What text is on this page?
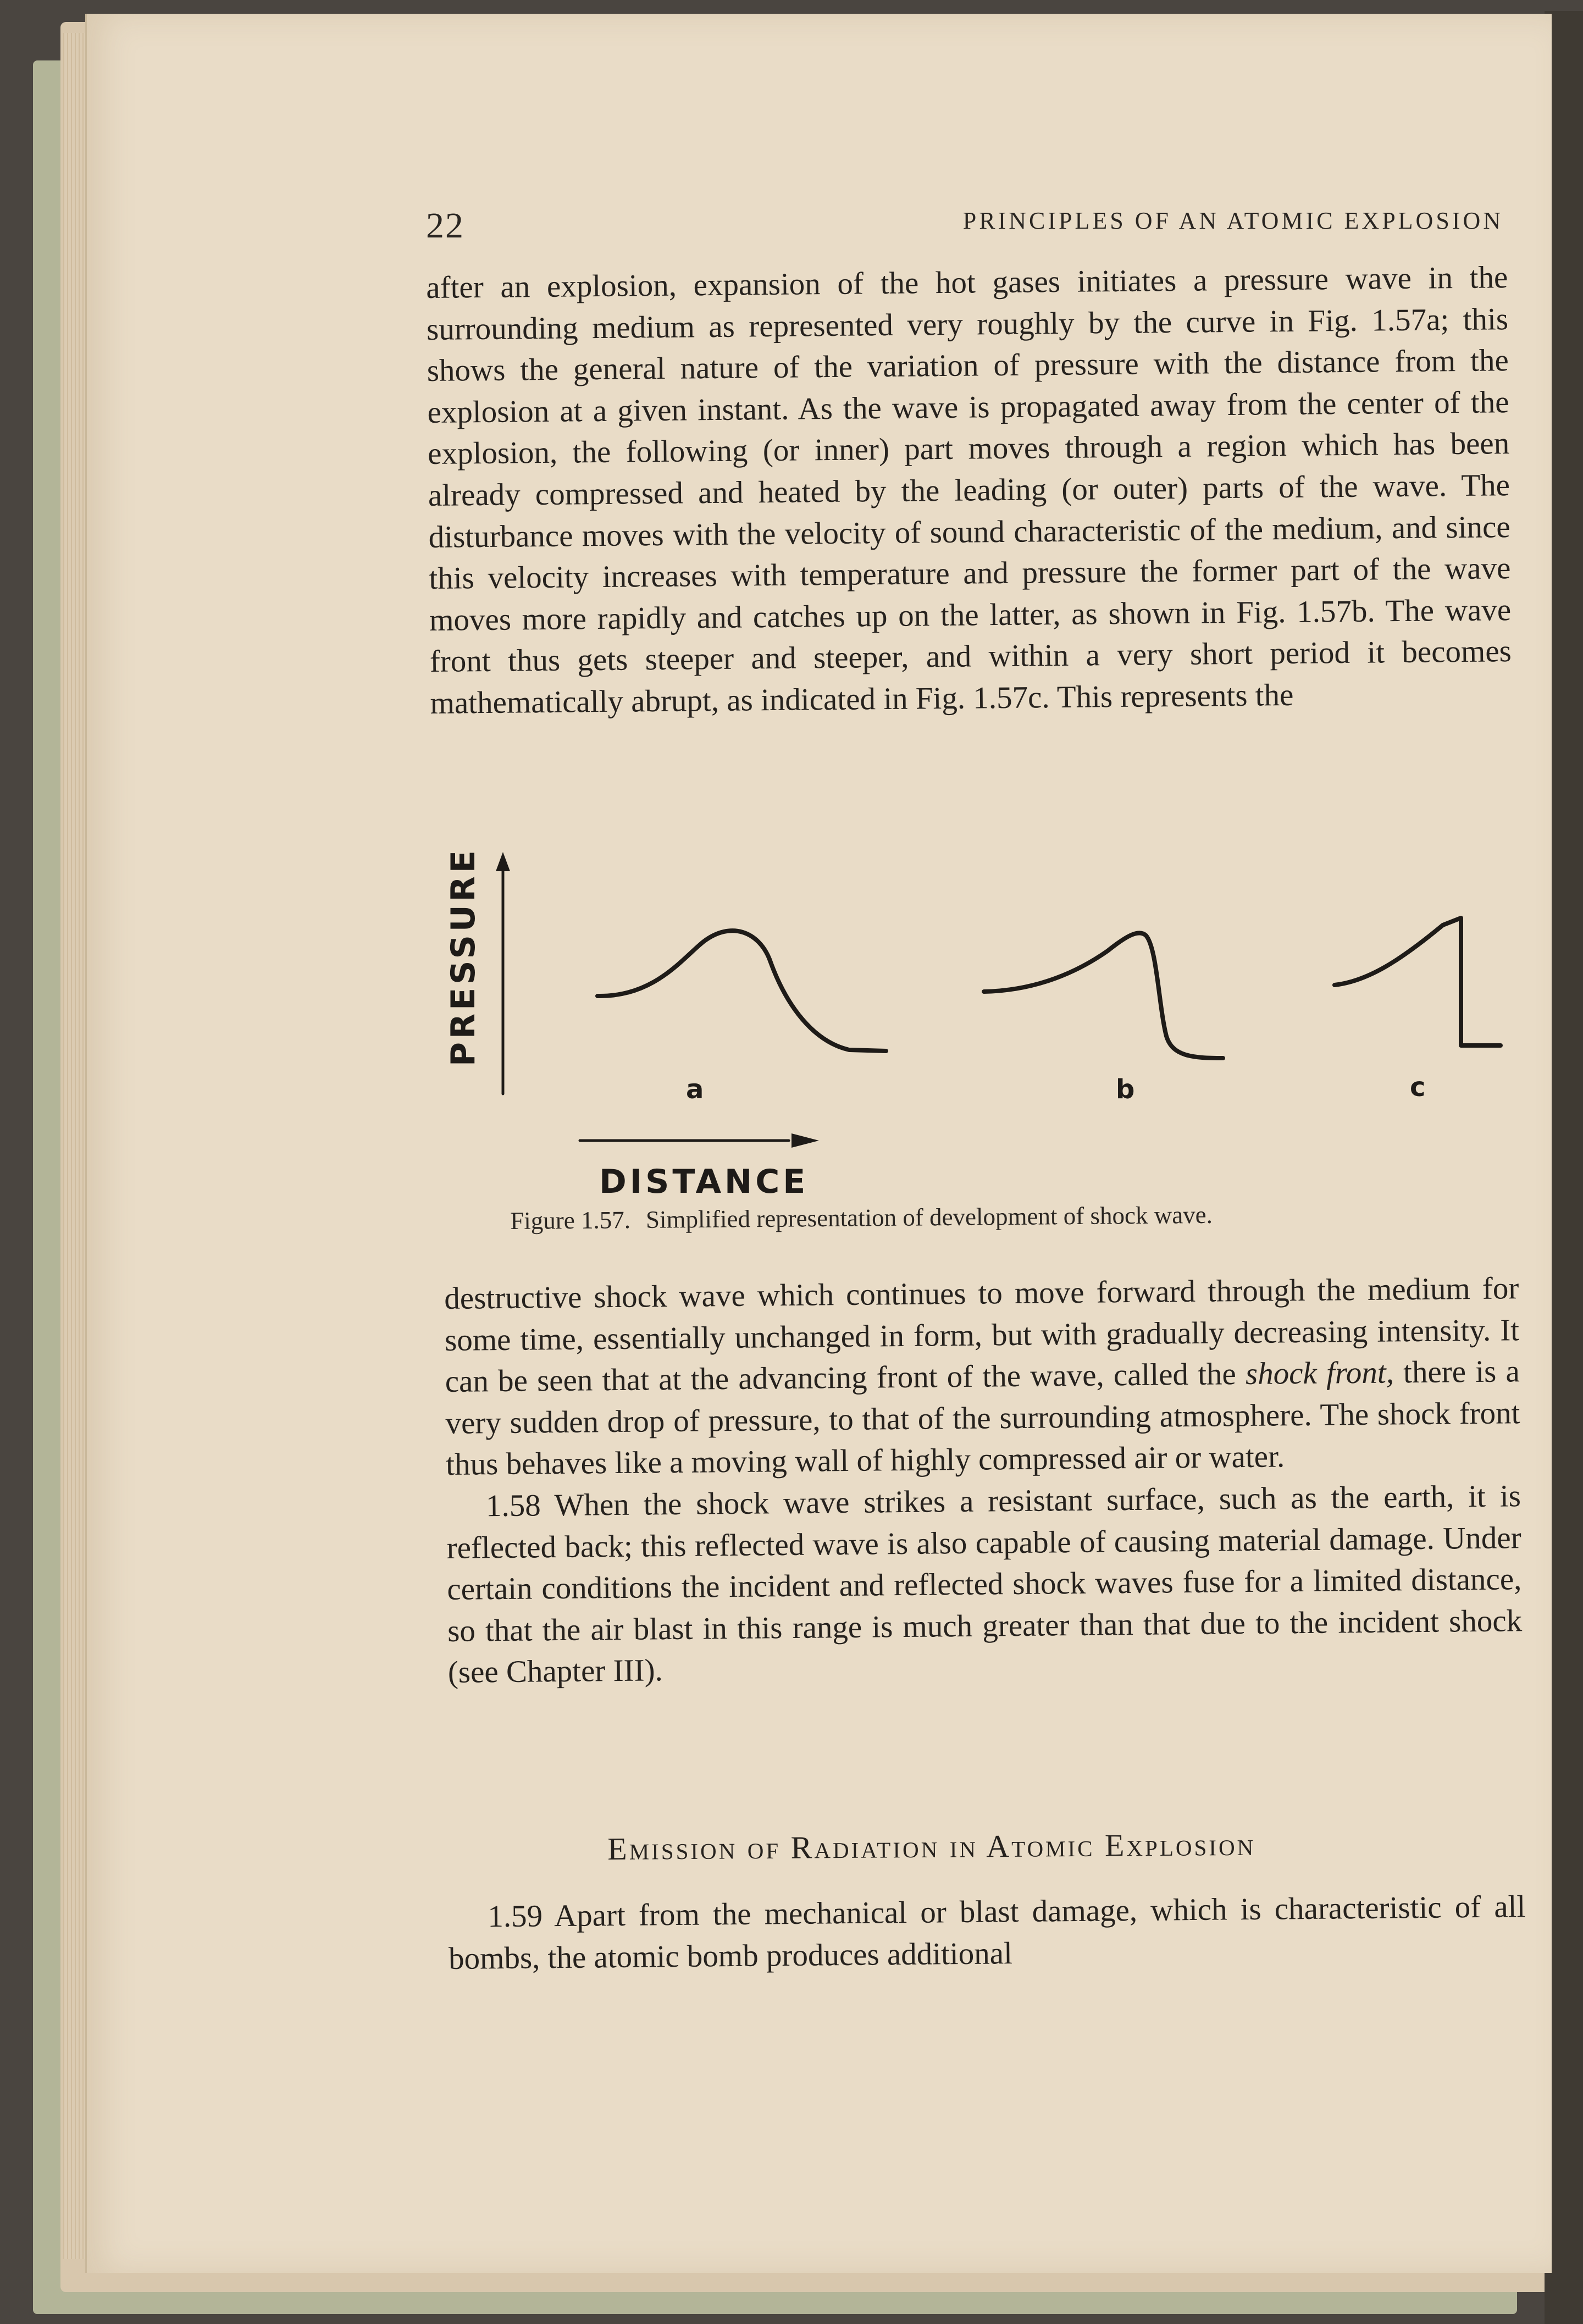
22	PRINCIPLES OF AN ATOMIC EXPLOSION

after an explosion, expansion of the hot gases initiates a pressure wave in the surrounding medium as represented very roughly by the curve in Fig. 1.57a; this shows the general nature of the variation of pressure with the distance from the explosion at a given instant. As the wave is propagated away from the center of the explosion, the following (or inner) part moves through a region which has been already compressed and heated by the leading (or outer) parts of the wave. The disturbance moves with the velocity of sound characteristic of the medium, and since this velocity increases with temperature and pressure the former part of the wave moves more rapidly and catches up on the latter, as shown in Fig. 1.57b. The wave front thus gets steeper and steeper, and within a very short period it becomes mathematically abrupt, as indicated in Fig. 1.57c. This represents the

PRESSURE
DISTANCE
a	b	c
Figure 1.57. Simplified representation of development of shock wave.

destructive shock wave which continues to move forward through the medium for some time, essentially unchanged in form, but with gradually decreasing intensity. It can be seen that at the advancing front of the wave, called the shock front, there is a very sudden drop of pressure, to that of the surrounding atmosphere. The shock front thus behaves like a moving wall of highly compressed air or water.

1.58 When the shock wave strikes a resistant surface, such as the earth, it is reflected back; this reflected wave is also capable of causing material damage. Under certain conditions the incident and reflected shock waves fuse for a limited distance, so that the air blast in this range is much greater than that due to the incident shock (see Chapter III).

Emission of Radiation in Atomic Explosion

1.59 Apart from the mechanical or blast damage, which is characteristic of all bombs, the atomic bomb produces additional
